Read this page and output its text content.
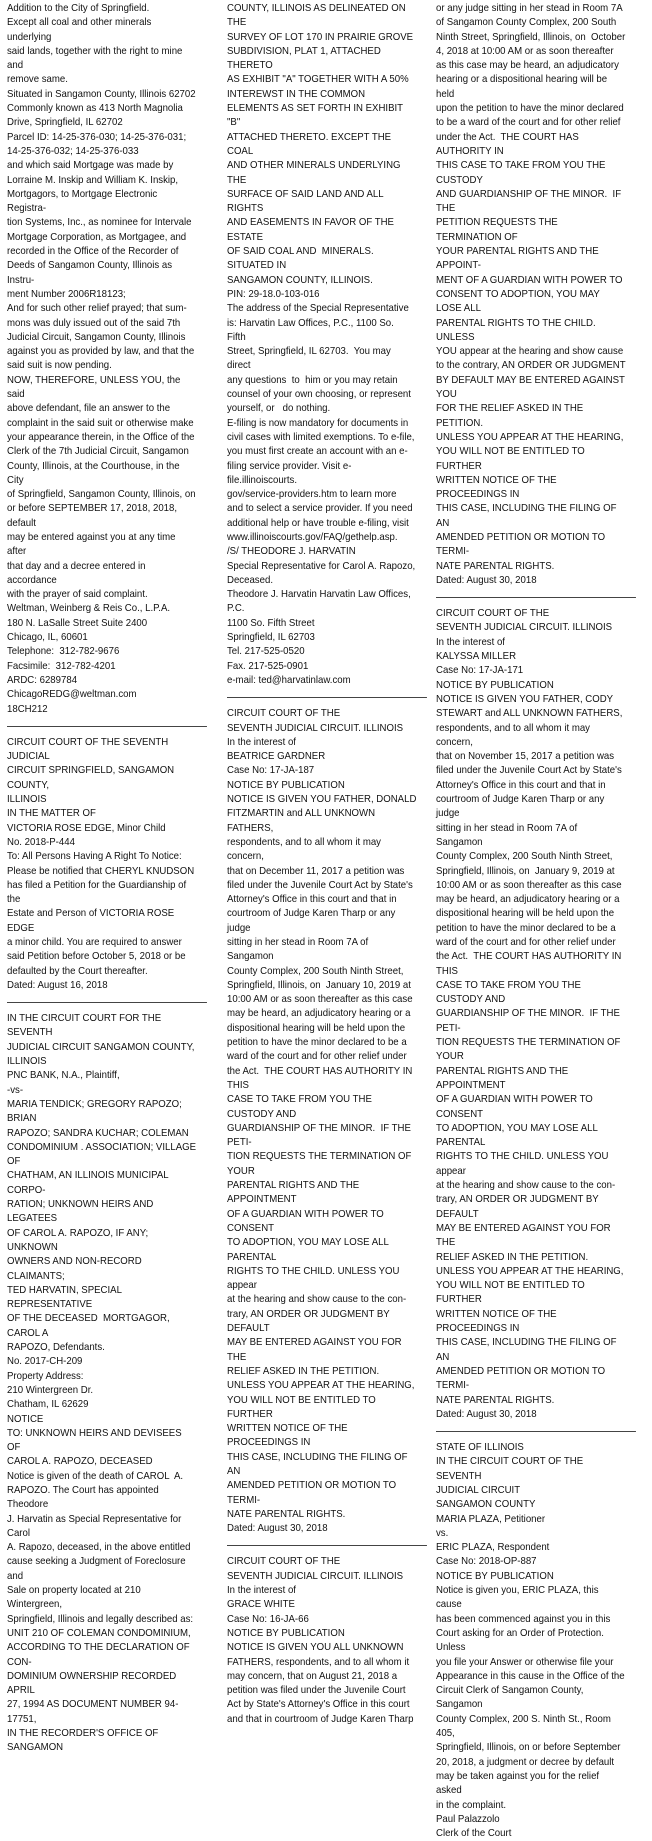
Addition to the City of Springfield.

Except all coal and other minerals underlying

said lands, together with the right to mine and

remove same.

Situated in Sangamon County, Illinois 62702

Commonly known as 413 North Magnolia

Drive, Springfield, IL 62702

Parcel ID: 14-25-376-030; 14-25-376-031;

14-25-376-032; 14-25-376-033

and which said Mortgage was made by

Lorraine M. Inskip and William K. Inskip,

Mortgagors, to Mortgage Electronic Registra-

tion Systems, Inc., as nominee for Intervale

Mortgage Corporation, as Mortgagee, and

recorded in the Office of the Recorder of

Deeds of Sangamon County, Illinois as Instru-

ment Number 2006R18123;

And for such other relief prayed; that sum-

mons was duly issued out of the said 7th

Judicial Circuit, Sangamon County, Illinois

against you as provided by law, and that the

said suit is now pending.

NOW, THEREFORE, UNLESS YOU, the said

above defendant, file an answer to the

complaint in the said suit or otherwise make

your appearance therein, in the Office of the

Clerk of the 7th Judicial Circuit, Sangamon

County, Illinois, at the Courthouse, in the City

of Springfield, Sangamon County, Illinois, on

or before SEPTEMBER 17, 2018, 2018, default

may be entered against you at any time after

that day and a decree entered in accordance

with the prayer of said complaint.

Weltman, Weinberg & Reis Co., L.P.A.

180 N. LaSalle Street Suite 2400

Chicago, IL, 60601

Telephone:  312-782-9676

Facsimile:  312-782-4201

ARDC: 6289784

ChicagoREDG@weltman.com

18CH212

CIRCUIT COURT OF THE SEVENTH JUDICIAL

CIRCUIT SPRINGFIELD, SANGAMON COUNTY,

ILLINOIS

IN THE MATTER OF

VICTORIA ROSE EDGE, Minor Child

No. 2018-P-444

To: All Persons Having A Right To Notice:

Please be notified that CHERYL KNUDSON

has filed a Petition for the Guardianship of the

Estate and Person of VICTORIA ROSE EDGE

a minor child. You are required to answer

said Petition before October 5, 2018 or be

defaulted by the Court thereafter.

Dated: August 16, 2018

IN THE CIRCUIT COURT FOR THE SEVENTH

JUDICIAL CIRCUIT SANGAMON COUNTY,

ILLINOIS

PNC BANK, N.A., Plaintiff,

-vs-

MARIA TENDICK; GREGORY RAPOZO; BRIAN

RAPOZO; SANDRA KUCHAR; COLEMAN

CONDOMINIUM . ASSOCIATION; VILLAGE OF

CHATHAM, AN ILLINOIS MUNICIPAL CORPO-

RATION; UNKNOWN HEIRS AND LEGATEES

OF CAROL A. RAPOZO, IF ANY; UNKNOWN

OWNERS AND NON-RECORD  CLAIMANTS;

TED HARVATIN, SPECIAL REPRESENTATIVE

OF THE DECEASED  MORTGAGOR, CAROL A

RAPOZO, Defendants.

No. 2017-CH-209

Property Address:

210 Wintergreen Dr.

Chatham, IL 62629

NOTICE

TO: UNKNOWN HEIRS AND DEVISEES OF

CAROL A. RAPOZO, DECEASED

Notice is given of the death of CAROL  A.

RAPOZO. The Court has appointed Theodore

J. Harvatin as Special Representative for Carol

A. Rapozo, deceased, in the above entitled

cause seeking a Judgment of Foreclosure and

Sale on property located at 210 Wintergreen,

Springfield, Illinois and legally described as:

UNIT 210 OF COLEMAN CONDOMINIUM,

ACCORDING TO THE DECLARATION OF CON-

DOMINIUM OWNERSHIP RECORDED APRIL

27, 1994 AS DOCUMENT NUMBER 94-17751,

IN THE RECORDER'S OFFICE OF SANGAMON

COUNTY, ILLINOIS AS DELINEATED ON THE

SURVEY OF LOT 170 IN PRAIRIE GROVE

SUBDIVISION, PLAT 1, ATTACHED THERETO

AS EXHIBIT "A" TOGETHER WITH A 50%

INTEREWST IN THE COMMON

ELEMENTS AS SET FORTH IN EXHIBIT "B"

ATTACHED THERETO. EXCEPT THE COAL

AND OTHER MINERALS UNDERLYING THE

SURFACE OF SAID LAND AND ALL RIGHTS

AND EASEMENTS IN FAVOR OF THE ESTATE

OF SAID COAL AND  MINERALS. SITUATED IN

SANGAMON COUNTY, ILLINOIS.

PIN: 29-18.0-103-016

The address of the Special Representative

is: Harvatin Law Offices, P.C., 1100 So.  Fifth

Street, Springfield, IL 62703.  You may direct

any questions  to  him or you may retain

counsel of your own choosing, or represent

yourself, or   do nothing.

E-filing is now mandatory for documents in

civil cases with limited exemptions. To e-file,

you must first create an account with an e-

filing service provider. Visit e-file.illinoiscourts.

gov/service-providers.htm to learn more

and to select a service provider. If you need

additional help or have trouble e-filing, visit

www.illinoiscourts.gov/FAQ/gethelp.asp.

/S/ THEODORE J. HARVATIN

Special Representative for Carol A. Rapozo,

Deceased.

Theodore J. Harvatin Harvatin Law Offices,

P.C.

1100 So. Fifth Street

Springfield, IL 62703

Tel. 217-525-0520

Fax. 217-525-0901

e-mail: ted@harvatinlaw.com

CIRCUIT COURT OF THE

SEVENTH JUDICIAL CIRCUIT. ILLINOIS

In the interest of

BEATRICE GARDNER

Case No: 17-JA-187

NOTICE BY PUBLICATION

NOTICE IS GIVEN YOU FATHER, DONALD

FITZMARTIN and ALL UNKNOWN FATHERS,

respondents, and to all whom it may concern,

that on December 11, 2017 a petition was

filed under the Juvenile Court Act by State's

Attorney's Office in this court and that in

courtroom of Judge Karen Tharp or any judge

sitting in her stead in Room 7A of Sangamon

County Complex, 200 South Ninth Street,

Springfield, Illinois, on  January 10, 2019 at

10:00 AM or as soon thereafter as this case

may be heard, an adjudicatory hearing or a

dispositional hearing will be held upon the

petition to have the minor declared to be a

ward of the court and for other relief under

the Act.  THE COURT HAS AUTHORITY IN THIS

CASE TO TAKE FROM YOU THE CUSTODY AND

GUARDIANSHIP OF THE MINOR.  IF THE PETI-

TION REQUESTS THE TERMINATION OF YOUR

PARENTAL RIGHTS AND THE APPOINTMENT

OF A GUARDIAN WITH POWER TO CONSENT

TO ADOPTION, YOU MAY LOSE ALL PARENTAL

RIGHTS TO THE CHILD. UNLESS YOU appear

at the hearing and show cause to the con-

trary, AN ORDER OR JUDGMENT BY DEFAULT

MAY BE ENTERED AGAINST YOU FOR THE

RELIEF ASKED IN THE PETITION.

UNLESS YOU APPEAR AT THE HEARING,

YOU WILL NOT BE ENTITLED TO FURTHER

WRITTEN NOTICE OF THE PROCEEDINGS IN

THIS CASE, INCLUDING THE FILING OF AN

AMENDED PETITION OR MOTION TO TERMI-

NATE PARENTAL RIGHTS.

Dated: August 30, 2018

CIRCUIT COURT OF THE

SEVENTH JUDICIAL CIRCUIT. ILLINOIS

In the interest of

GRACE WHITE

Case No: 16-JA-66

NOTICE BY PUBLICATION

NOTICE IS GIVEN YOU ALL UNKNOWN

FATHERS, respondents, and to all whom it

may concern, that on August 21, 2018 a

petition was filed under the Juvenile Court

Act by State's Attorney's Office in this court

and that in courtroom of Judge Karen Tharp

or any judge sitting in her stead in Room 7A

of Sangamon County Complex, 200 South

Ninth Street, Springfield, Illinois, on  October

4, 2018 at 10:00 AM or as soon thereafter

as this case may be heard, an adjudicatory

hearing or a dispositional hearing will be held

upon the petition to have the minor declared

to be a ward of the court and for other relief

under the Act.  THE COURT HAS AUTHORITY IN

THIS CASE TO TAKE FROM YOU THE CUSTODY

AND GUARDIANSHIP OF THE MINOR.  IF THE

PETITION REQUESTS THE TERMINATION OF

YOUR PARENTAL RIGHTS AND THE APPOINT-

MENT OF A GUARDIAN WITH POWER TO

CONSENT TO ADOPTION, YOU MAY LOSE ALL

PARENTAL RIGHTS TO THE CHILD. UNLESS

YOU appear at the hearing and show cause

to the contrary, AN ORDER OR JUDGMENT

BY DEFAULT MAY BE ENTERED AGAINST YOU

FOR THE RELIEF ASKED IN THE PETITION.

UNLESS YOU APPEAR AT THE HEARING,

YOU WILL NOT BE ENTITLED TO FURTHER

WRITTEN NOTICE OF THE PROCEEDINGS IN

THIS CASE, INCLUDING THE FILING OF AN

AMENDED PETITION OR MOTION TO TERMI-

NATE PARENTAL RIGHTS.

Dated: August 30, 2018

CIRCUIT COURT OF THE

SEVENTH JUDICIAL CIRCUIT. ILLINOIS

In the interest of

KALYSSA MILLER

Case No: 17-JA-171

NOTICE BY PUBLICATION

NOTICE IS GIVEN YOU FATHER, CODY

STEWART and ALL UNKNOWN FATHERS,

respondents, and to all whom it may concern,

that on November 15, 2017 a petition was

filed under the Juvenile Court Act by State's

Attorney's Office in this court and that in

courtroom of Judge Karen Tharp or any judge

sitting in her stead in Room 7A of Sangamon

County Complex, 200 South Ninth Street,

Springfield, Illinois, on  January 9, 2019 at

10:00 AM or as soon thereafter as this case

may be heard, an adjudicatory hearing or a

dispositional hearing will be held upon the

petition to have the minor declared to be a

ward of the court and for other relief under

the Act.  THE COURT HAS AUTHORITY IN THIS

CASE TO TAKE FROM YOU THE CUSTODY AND

GUARDIANSHIP OF THE MINOR.  IF THE PETI-

TION REQUESTS THE TERMINATION OF YOUR

PARENTAL RIGHTS AND THE APPOINTMENT

OF A GUARDIAN WITH POWER TO CONSENT

TO ADOPTION, YOU MAY LOSE ALL PARENTAL

RIGHTS TO THE CHILD. UNLESS YOU appear

at the hearing and show cause to the con-

trary, AN ORDER OR JUDGMENT BY DEFAULT

MAY BE ENTERED AGAINST YOU FOR THE

RELIEF ASKED IN THE PETITION.

UNLESS YOU APPEAR AT THE HEARING,

YOU WILL NOT BE ENTITLED TO FURTHER

WRITTEN NOTICE OF THE PROCEEDINGS IN

THIS CASE, INCLUDING THE FILING OF AN

AMENDED PETITION OR MOTION TO TERMI-

NATE PARENTAL RIGHTS.

Dated: August 30, 2018

STATE OF ILLINOIS

IN THE CIRCUIT COURT OF THE SEVENTH

JUDICIAL CIRCUIT

SANGAMON COUNTY

MARIA PLAZA, Petitioner

vs.

ERIC PLAZA, Respondent

Case No: 2018-OP-887

NOTICE BY PUBLICATION

Notice is given you, ERIC PLAZA, this cause

has been commenced against you in this

Court asking for an Order of Protection. Unless

you file your Answer or otherwise file your

Appearance in this cause in the Office of the

Circuit Clerk of Sangamon County, Sangamon

County Complex, 200 S. Ninth St., Room 405,

Springfield, Illinois, on or before September

20, 2018, a judgment or decree by default

may be taken against you for the relief asked

in the complaint.

Paul Palazzolo

Clerk of the Court
